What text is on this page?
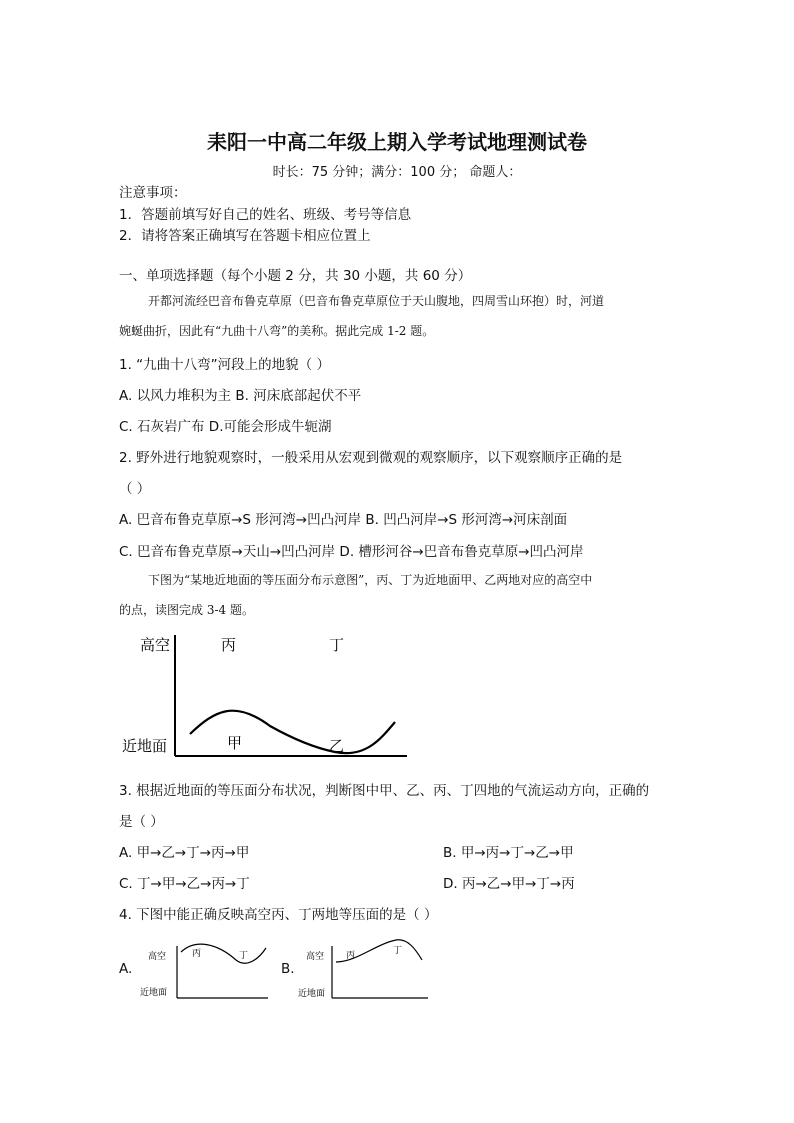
耒阳一中高二年级上期入学考试地理测试卷
时长：75 分钟；满分：100 分； 命题人：
注意事项：
1．答题前填写好自己的姓名、班级、考号等信息
2．请将答案正确填写在答题卡相应位置上
一、单项选择题（每个小题 2 分，共 30 小题，共 60 分）
开都河流经巴音布鲁克草原（巴音布鲁克草原位于天山腹地，四周雪山环抱）时，河道
婉蜒曲折，因此有“九曲十八弯”的美称。据此完成 1-2 题。
1. “九曲十八弯”河段上的地貌（ ）
A. 以风力堆积为主 B. 河床底部起伏不平
C. 石灰岩广布 D.可能会形成牛轭湖
2. 野外进行地貌观察时，一般采用从宏观到微观的观察顺序，以下观察顺序正确的是
（ ）
A. 巴音布鲁克草原→S 形河湾→凹凸河岸 B. 凹凸河岸→S 形河湾→河床剖面
C. 巴音布鲁克草原→天山→凹凸河岸 D. 槽形河谷→巴音布鲁克草原→凹凸河岸
下图为“某地近地面的等压面分布示意图”，丙、丁为近地面甲、乙两地对应的高空中
的点，读图完成 3-4 题。
高空
近地面
丙	丁
甲	乙
3. 根据近地面的等压面分布状况，判断图中甲、乙、丙、丁四地的气流运动方向，正确的
是（ ）
A. 甲→乙→丁→丙→甲	B. 甲→丙→丁→乙→甲
C. 丁→甲→乙→丙→丁	D. 丙→乙→甲→丁→丙
4. 下图中能正确反映高空丙、丁两地等压面的是（ ）
A.
高空
近地面
丙	丁
B.
高空
近地面
丙	丁
